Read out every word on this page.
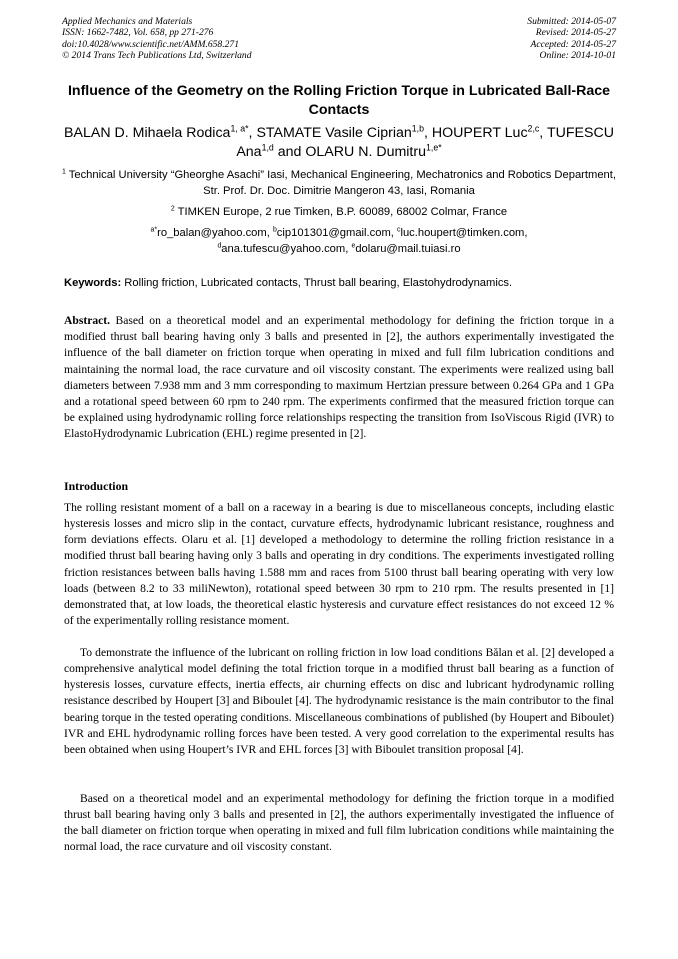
Applied Mechanics and Materials
ISSN: 1662-7482, Vol. 658, pp 271-276
doi:10.4028/www.scientific.net/AMM.658.271
© 2014 Trans Tech Publications Ltd, Switzerland
Submitted: 2014-05-07
Revised: 2014-05-27
Accepted: 2014-05-27
Online: 2014-10-01
Influence of the Geometry on the Rolling Friction Torque in Lubricated Ball-Race Contacts
BALAN D. Mihaela Rodica$^{1, a*}$, STAMATE Vasile Ciprian$^{1,b}$, HOUPERT Luc$^{2,c}$, TUFESCU Ana$^{1,d}$ and OLARU N. Dumitru$^{1,e*}$
$^1$ Technical University “Gheorghe Asachi” Iasi, Mechanical Engineering, Mechatronics and Robotics Department, Str. Prof. Dr. Doc. Dimitrie Mangeron 43, Iasi, Romania
$^2$ TIMKEN Europe, 2 rue Timken, B.P. 60089, 68002 Colmar, France
$^{a*}$ro_balan@yahoo.com, $^b$cip101301@gmail.com, $^c$luc.houpert@timken.com,
$^d$ana.tufescu@yahoo.com, $^e$dolaru@mail.tuiasi.ro
Keywords: Rolling friction, Lubricated contacts, Thrust ball bearing, Elastohydrodynamics.
Abstract. Based on a theoretical model and an experimental methodology for defining the friction torque in a modified thrust ball bearing having only 3 balls and presented in [2], the authors experimentally investigated the influence of the ball diameter on friction torque when operating in mixed and full film lubrication conditions and maintaining the normal load, the race curvature and oil viscosity constant. The experiments were realized using ball diameters between 7.938 mm and 3 mm corresponding to maximum Hertzian pressure between 0.264 GPa and 1 GPa and a rotational speed between 60 rpm to 240 rpm. The experiments confirmed that the measured friction torque can be explained using hydrodynamic rolling force relationships respecting the transition from IsoViscous Rigid (IVR) to ElastoHydrodynamic Lubrication (EHL) regime presented in [2].
Introduction

The rolling resistant moment of a ball on a raceway in a bearing is due to miscellaneous concepts, including elastic hysteresis losses and micro slip in the contact, curvature effects, hydrodynamic lubricant resistance, roughness and form deviations effects. Olaru et al. [1] developed a methodology to determine the rolling friction resistance in a modified thrust ball bearing having only 3 balls and operating in dry conditions. The experiments investigated rolling friction resistances between balls having 1.588 mm and races from 5100 thrust ball bearing operating with very low loads (between 8.2 to 33 miliNewton), rotational speed between 30 rpm to 210 rpm. The results presented in [1] demonstrated that, at low loads, the theoretical elastic hysteresis and curvature effect resistances do not exceed 12 % of the experimentally rolling resistance moment.

To demonstrate the influence of the lubricant on rolling friction in low load conditions Bălan et al. [2] developed a comprehensive analytical model defining the total friction torque in a modified thrust ball bearing as a function of hysteresis losses, curvature effects, inertia effects, air churning effects on disc and lubricant hydrodynamic rolling resistance described by Houpert [3] and Biboulet [4]. The hydrodynamic resistance is the main contributor to the final bearing torque in the tested operating conditions. Miscellaneous combinations of published (by Houpert and Biboulet) IVR and EHL hydrodynamic rolling forces have been tested. A very good correlation to the experimental results has been obtained when using Houpert’s IVR and EHL forces [3] with Biboulet transition proposal [4].

Based on a theoretical model and an experimental methodology for defining the friction torque in a modified thrust ball bearing having only 3 balls and presented in [2], the authors experimentally investigated the influence of the ball diameter on friction torque when operating in mixed and full film lubrication conditions while maintaining the normal load, the race curvature and oil viscosity constant.
